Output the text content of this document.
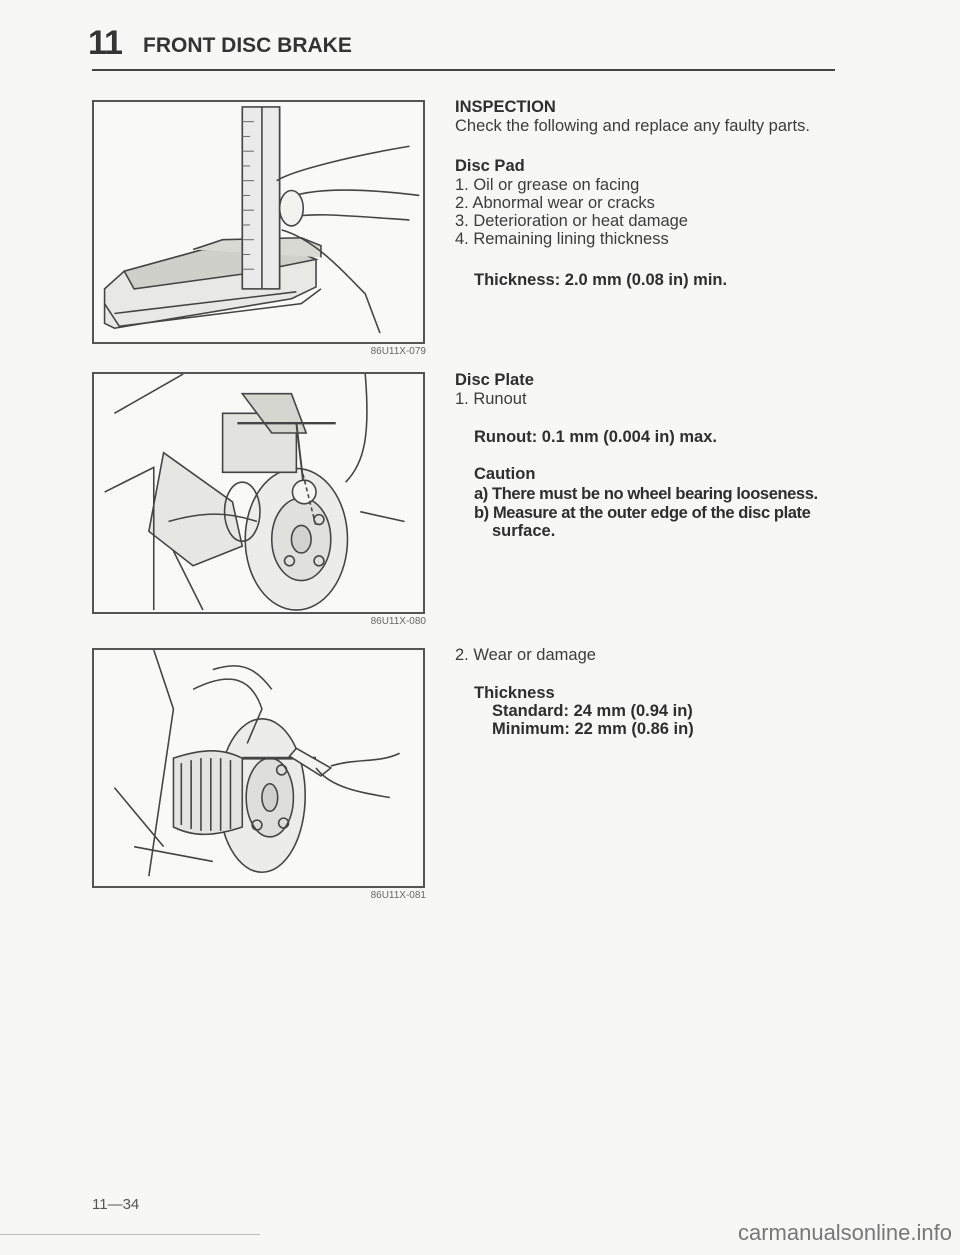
11 FRONT DISC BRAKE
86U11X-079
86U11X-080
86U11X-081
INSPECTION
Check the following and replace any faulty parts.
Disc Pad
1. Oil or grease on facing
2. Abnormal wear or cracks
3. Deterioration or heat damage
4. Remaining lining thickness
Thickness: 2.0 mm (0.08 in) min.
Disc Plate
1. Runout
Runout: 0.1 mm (0.004 in) max.
Caution
a) There must be no wheel bearing looseness.
b) Measure at the outer edge of the disc plate
surface.
2. Wear or damage
Thickness
Standard: 24 mm (0.94 in)
Minimum: 22 mm (0.86 in)
11—34
carmanualsonline.info
